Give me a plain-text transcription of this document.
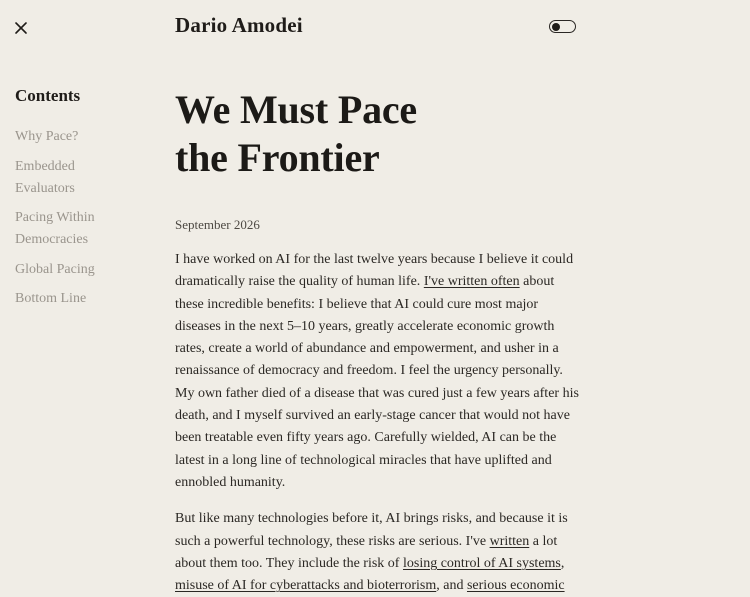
Dario Amodei
Contents
Why Pace?
Embedded Evaluators
Pacing Within Democracies
Global Pacing
Bottom Line
We Must Pace
the Frontier

September 2026

I have worked on AI for the last twelve years because I believe it could dramatically raise the quality of human life. I've written often about these incredible benefits: I believe that AI could cure most major diseases in the next 5–10 years, greatly accelerate economic growth rates, create a world of abundance and empowerment, and usher in a renaissance of democracy and freedom. I feel the urgency personally. My own father died of a disease that was cured just a few years after his death, and I myself survived an early-stage cancer that would not have been treatable even fifty years ago. Carefully wielded, AI can be the latest in a long line of technological miracles that have uplifted and ennobled humanity.

But like many technologies before it, AI brings risks, and because it is such a powerful technology, these risks are serious. I've written a lot about them too. They include the risk of losing control of AI systems, misuse of AI for cyberattacks and bioterrorism, and serious economic
